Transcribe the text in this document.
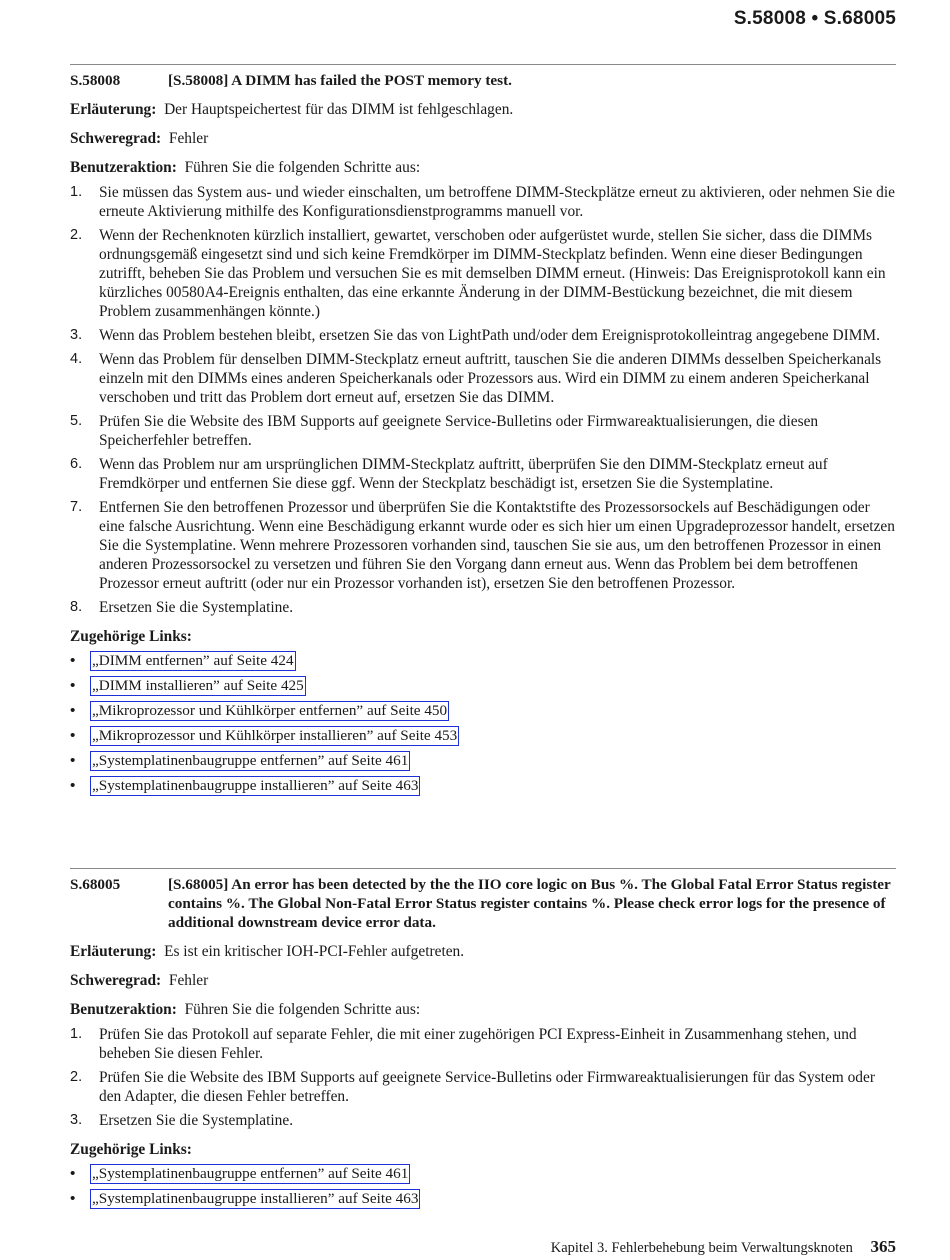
S.58008 • S.68005
S.58008	[S.58008] A DIMM has failed the POST memory test.

Erläuterung: Der Hauptspeichertest für das DIMM ist fehlgeschlagen.

Schweregrad: Fehler

Benutzeraktion: Führen Sie die folgenden Schritte aus:

1.	Sie müssen das System aus- und wieder einschalten, um betroffene DIMM-Steckplätze erneut zu aktivieren, oder nehmen Sie die erneute Aktivierung mithilfe des Konfigurationsdienstprogramms manuell vor.
2.	Wenn der Rechenknoten kürzlich installiert, gewartet, verschoben oder aufgerüstet wurde, stellen Sie sicher, dass die DIMMs ordnungsgemäß eingesetzt sind und sich keine Fremdkörper im DIMM-Steckplatz befinden. Wenn eine dieser Bedingungen zutrifft, beheben Sie das Problem und versuchen Sie es mit demselben DIMM erneut. (Hinweis: Das Ereignisprotokoll kann ein kürzliches 00580A4-Ereignis enthalten, das eine erkannte Änderung in der DIMM-Bestückung bezeichnet, die mit diesem Problem zusammenhängen könnte.)
3.	Wenn das Problem bestehen bleibt, ersetzen Sie das von LightPath und/oder dem Ereignisprotokolleintrag angegebene DIMM.
4.	Wenn das Problem für denselben DIMM-Steckplatz erneut auftritt, tauschen Sie die anderen DIMMs desselben Speicherkanals einzeln mit den DIMMs eines anderen Speicherkanals oder Prozessors aus. Wird ein DIMM zu einem anderen Speicherkanal verschoben und tritt das Problem dort erneut auf, ersetzen Sie das DIMM.
5.	Prüfen Sie die Website des IBM Supports auf geeignete Service-Bulletins oder Firmwareaktualisierungen, die diesen Speicherfehler betreffen.
6.	Wenn das Problem nur am ursprünglichen DIMM-Steckplatz auftritt, überprüfen Sie den DIMM-Steckplatz erneut auf Fremdkörper und entfernen Sie diese ggf. Wenn der Steckplatz beschädigt ist, ersetzen Sie die Systemplatine.
7.	Entfernen Sie den betroffenen Prozessor und überprüfen Sie die Kontaktstifte des Prozessorsockels auf Beschädigungen oder eine falsche Ausrichtung. Wenn eine Beschädigung erkannt wurde oder es sich hier um einen Upgradeprozessor handelt, ersetzen Sie die Systemplatine. Wenn mehrere Prozessoren vorhanden sind, tauschen Sie sie aus, um den betroffenen Prozessor in einen anderen Prozessorsockel zu versetzen und führen Sie den Vorgang dann erneut aus. Wenn das Problem bei dem betroffenen Prozessor erneut auftritt (oder nur ein Prozessor vorhanden ist), ersetzen Sie den betroffenen Prozessor.
8.	Ersetzen Sie die Systemplatine.

Zugehörige Links:

• „DIMM entfernen” auf Seite 424
• „DIMM installieren” auf Seite 425
• „Mikroprozessor und Kühlkörper entfernen” auf Seite 450
• „Mikroprozessor und Kühlkörper installieren” auf Seite 453
• „Systemplatinenbaugruppe entfernen” auf Seite 461
• „Systemplatinenbaugruppe installieren” auf Seite 463
S.68005	[S.68005] An error has been detected by the the IIO core logic on Bus %. The Global Fatal Error Status register contains %. The Global Non-Fatal Error Status register contains %. Please check error logs for the presence of additional downstream device error data.

Erläuterung: Es ist ein kritischer IOH-PCI-Fehler aufgetreten.

Schweregrad: Fehler

Benutzeraktion: Führen Sie die folgenden Schritte aus:

1.	Prüfen Sie das Protokoll auf separate Fehler, die mit einer zugehörigen PCI Express-Einheit in Zusammenhang stehen, und beheben Sie diesen Fehler.
2.	Prüfen Sie die Website des IBM Supports auf geeignete Service-Bulletins oder Firmwareaktualisierungen für das System oder den Adapter, die diesen Fehler betreffen.
3.	Ersetzen Sie die Systemplatine.

Zugehörige Links:

• „Systemplatinenbaugruppe entfernen” auf Seite 461
• „Systemplatinenbaugruppe installieren” auf Seite 463
Kapitel 3. Fehlerbehebung beim Verwaltungsknoten 365
